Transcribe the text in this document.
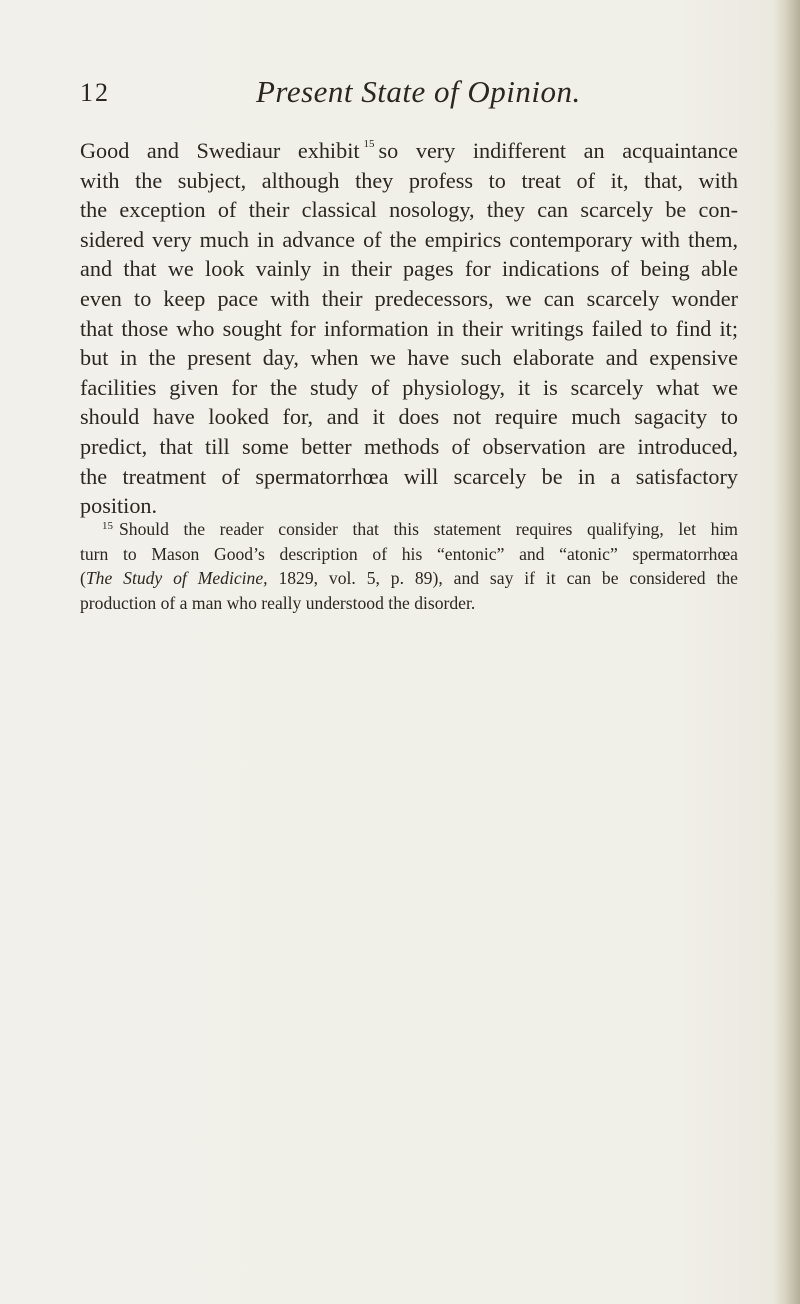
12	Present State of Opinion.
Good and Swediaur exhibit $^{15}$ so very indifferent an acquaintance
with the subject, although they profess to treat of it, that, with
the exception of their classical nosology, they can scarcely be con-
sidered very much in advance of the empirics contemporary with them,
and that we look vainly in their pages for indications of being able
even to keep pace with their predecessors, we can scarcely wonder
that those who sought for information in their writings failed to find it;
but in the present day, when we have such elaborate and expensive
facilities given for the study of physiology, it is scarcely what we
should have looked for, and it does not require much sagacity to
predict, that till some better methods of observation are introduced,
the treatment of spermatorrhœa will scarcely be in a satisfactory
position.
$^{15}$ Should the reader consider that this statement requires qualifying, let him
turn to Mason Good’s description of his “entonic” and “atonic” spermatorrhœa
(The Study of Medicine, 1829, vol. 5, p. 89), and say if it can be considered the
production of a man who really understood the disorder.
